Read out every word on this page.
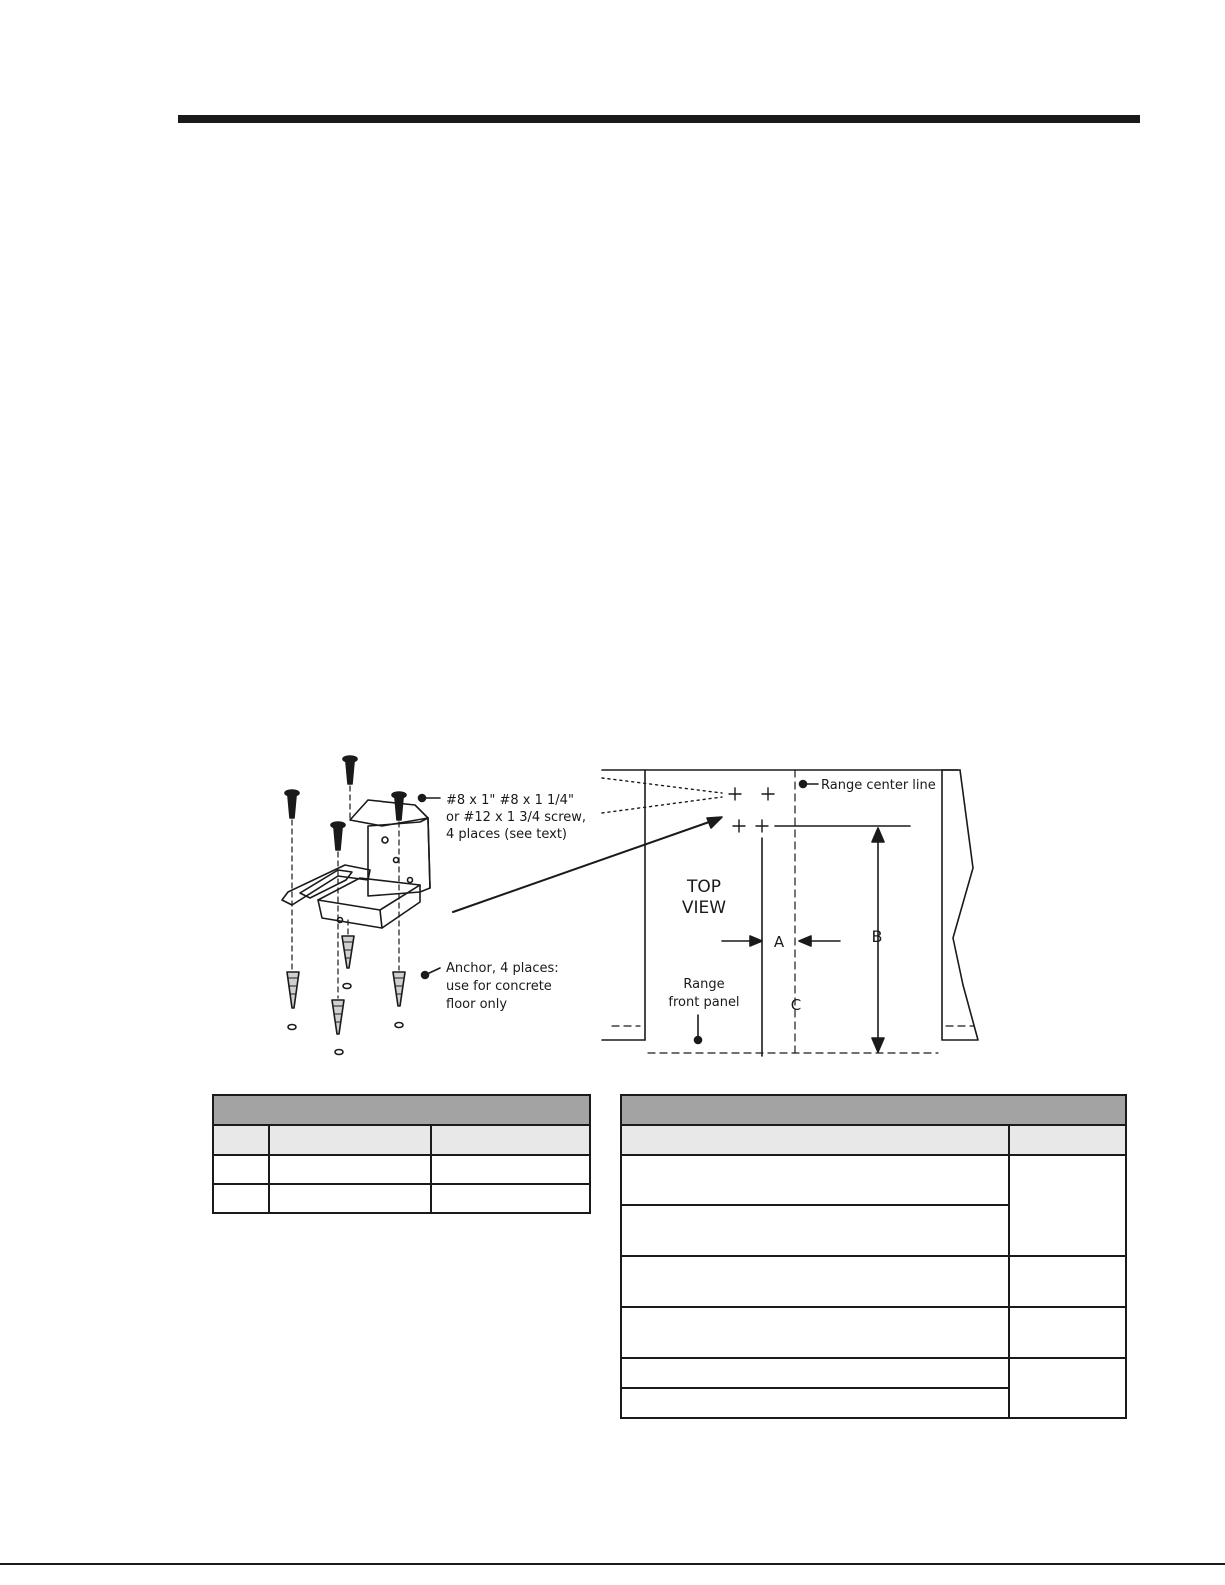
#8 x 1" #8 x 1 1/4"
or #12 x 1 3/4 screw,
4 places (see text)
Anchor, 4 places:
use for concrete
floor only
Range center line
TOP
VIEW
Range
front panel
A	B
C
